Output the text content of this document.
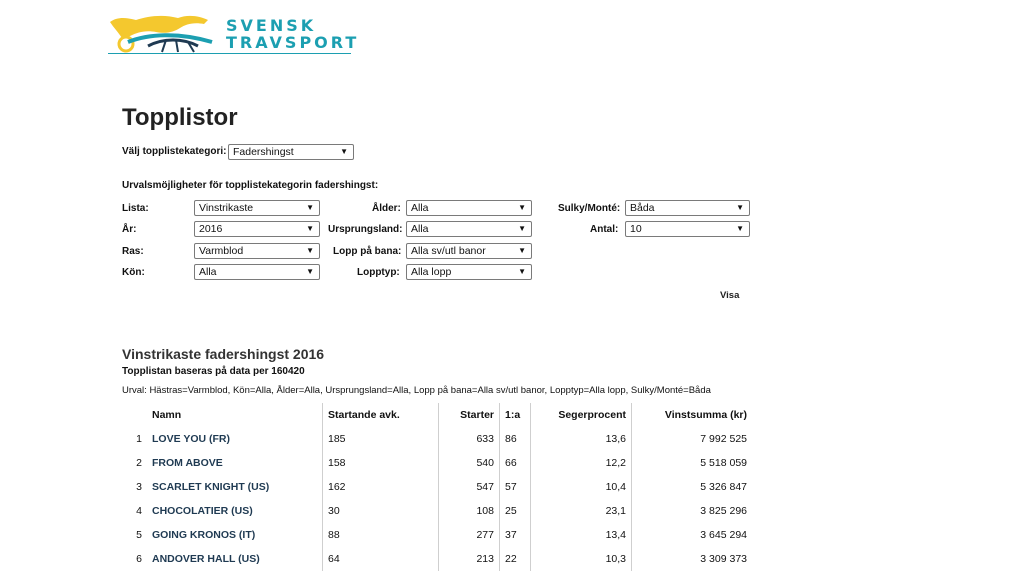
SVENSK
TRAVSPORT
Topplistor
Välj topplistekategori: Fadershingst	▼
Urvalsmöjligheter för topplistekategorin fadershingst:
Lista:	Vinstrikaste	▼
År:	2016	▼
Ras:	Varmblod	▼
Kön:	Alla	▼
Ålder: Alla	▼
Ursprungsland: Alla	▼
Lopp på bana: Alla sv/utl banor	▼
Lopptyp: Alla lopp	▼
Sulky/Monté: Båda	▼
Antal: 10	▼
Visa
Vinstrikaste fadershingst 2016
Topplistan baseras på data per 160420
Urval: Hästras=Varmblod, Kön=Alla, Ålder=Alla, Ursprungsland=Alla, Lopp på bana=Alla sv/utl banor, Lopptyp=Alla lopp, Sulky/Monté=Båda
	Namn	Startande avk.	Starter	1:a	Segerprocent	Vinstsumma (kr)
1	LOVE YOU (FR)	185	633	86	13,6	7 992 525
2	FROM ABOVE	158	540	66	12,2	5 518 059
3	SCARLET KNIGHT (US)	162	547	57	10,4	5 326 847
4	CHOCOLATIER (US)	30	108	25	23,1	3 825 296
5	GOING KRONOS (IT)	88	277	37	13,4	3 645 294
6	ANDOVER HALL (US)	64	213	22	10,3	3 309 373
